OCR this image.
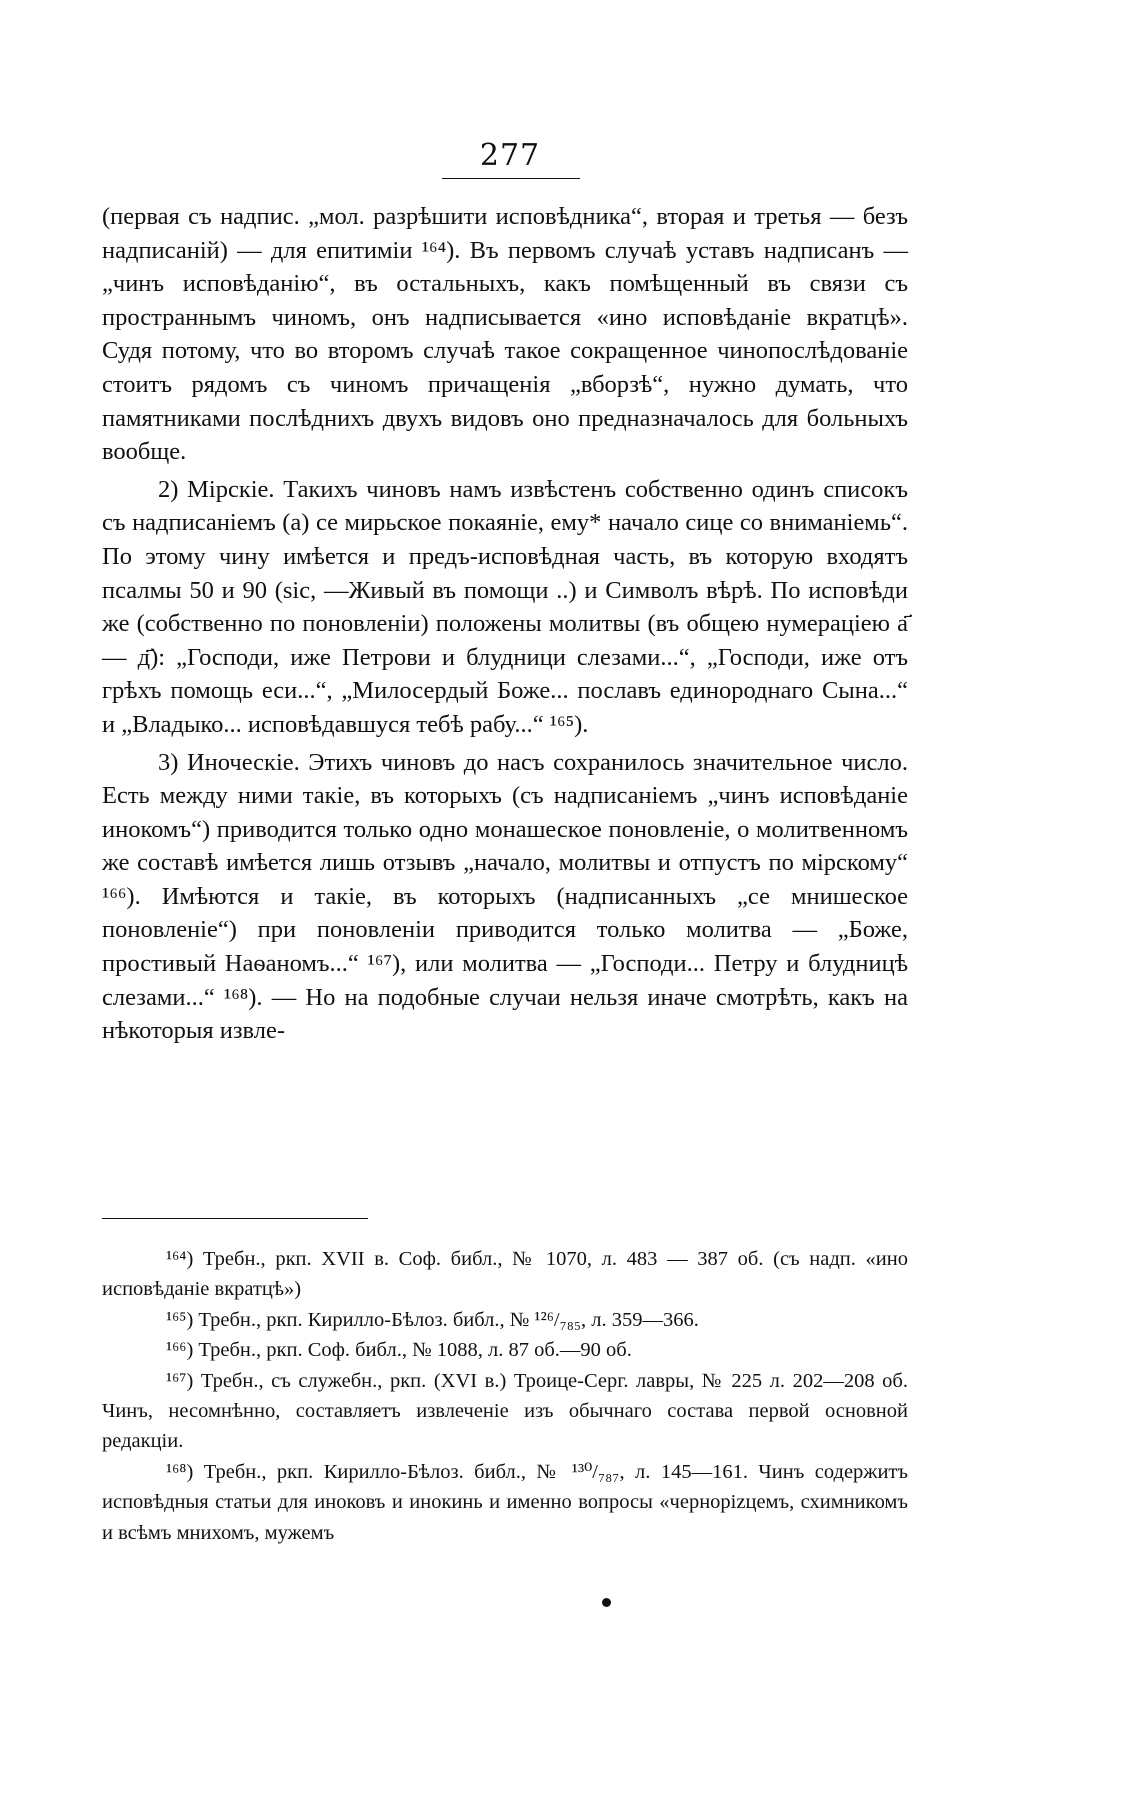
277

(первая съ надпис. „мол. разрѣшити исповѣдника“, вторая и третья — безъ надписаній) — для епитиміи ¹⁶⁴). Въ первомъ случаѣ уставъ надписанъ — „чинъ исповѣданію“, въ остальныхъ, какъ помѣщенный въ связи съ пространнымъ чиномъ, онъ надписывается «ино исповѣданіе вкратцѣ». Судя потому, что во второмъ случаѣ такое сокращенное чинопослѣдованіе стоитъ рядомъ съ чиномъ причащенія „вборзѣ“, нужно думать, что памятниками послѣднихъ двухъ видовъ оно предназначалось для больныхъ вообще.

2) Мірскіе. Такихъ чиновъ намъ извѣстенъ собственно одинъ списокъ съ надписаніемъ (а) се мирьское покаяніе, ему* начало сице со вниманіемь“. По этому чину имѣется и предъ-исповѣдная часть, въ которую входятъ псалмы 50 и 90 (sic, —Живый въ помощи ..) и Символъ вѣрѣ. По исповѣди же (собственно по поновленіи) положены молитвы (въ общею нумераціею а҃ — д҃): „Господи, иже Петрови и блудници слезами...“, „Господи, иже отъ грѣхъ помощь еси...“, „Милосердый Боже... пославъ единороднаго Сына...“ и „Владыко... исповѣдавшуся тебѣ рабу...“ ¹⁶⁵).

3) Иноческіе. Этихъ чиновъ до насъ сохранилось значительное число. Есть между ними такіе, въ которыхъ (съ надписаніемъ „чинъ исповѣданіе инокомъ“) приводится только одно монашеское поновленіе, о молитвенномъ же составѣ имѣется лишь отзывъ „начало, молитвы и отпустъ по мірскому“ ¹⁶⁶). Имѣются и такіе, въ которыхъ (надписанныхъ „се мнишеское поновленіе“) при поновленіи приводится только молитва — „Боже, простивый Наѳаномъ...“ ¹⁶⁷), или молитва — „Господи... Петру и блудницѣ слезами...“ ¹⁶⁸). — Но на подобные случаи нельзя иначе смотрѣть, какъ на нѣкоторыя извле-

¹⁶⁴) Требн., ркп. XVII в. Соф. библ., № 1070, л. 483 — 387 об. (съ надп. «ино исповѣданіе вкратцѣ»)

¹⁶⁵) Требн., ркп. Кирилло-Бѣлоз. библ., № ¹²⁶/₇₈₅, л. 359—366.

¹⁶⁶) Требн., ркп. Соф. библ., № 1088, л. 87 об.—90 об.

¹⁶⁷) Требн., съ служебн., ркп. (XVI в.) Троице-Серг. лавры, № 225 л. 202—208 об. Чинъ, несомнѣнно, составляетъ извлеченіе изъ обычнаго состава первой основной редакціи.

¹⁶⁸) Требн., ркп. Кирилло-Бѣлоз. библ., № ¹³⁰/₇₈₇, л. 145—161. Чинъ содержитъ исповѣдныя статьи для иноковъ и инокинь и именно вопросы «чернорizцемъ, схимникомъ и всѣмъ мнихомъ, мужемъ
